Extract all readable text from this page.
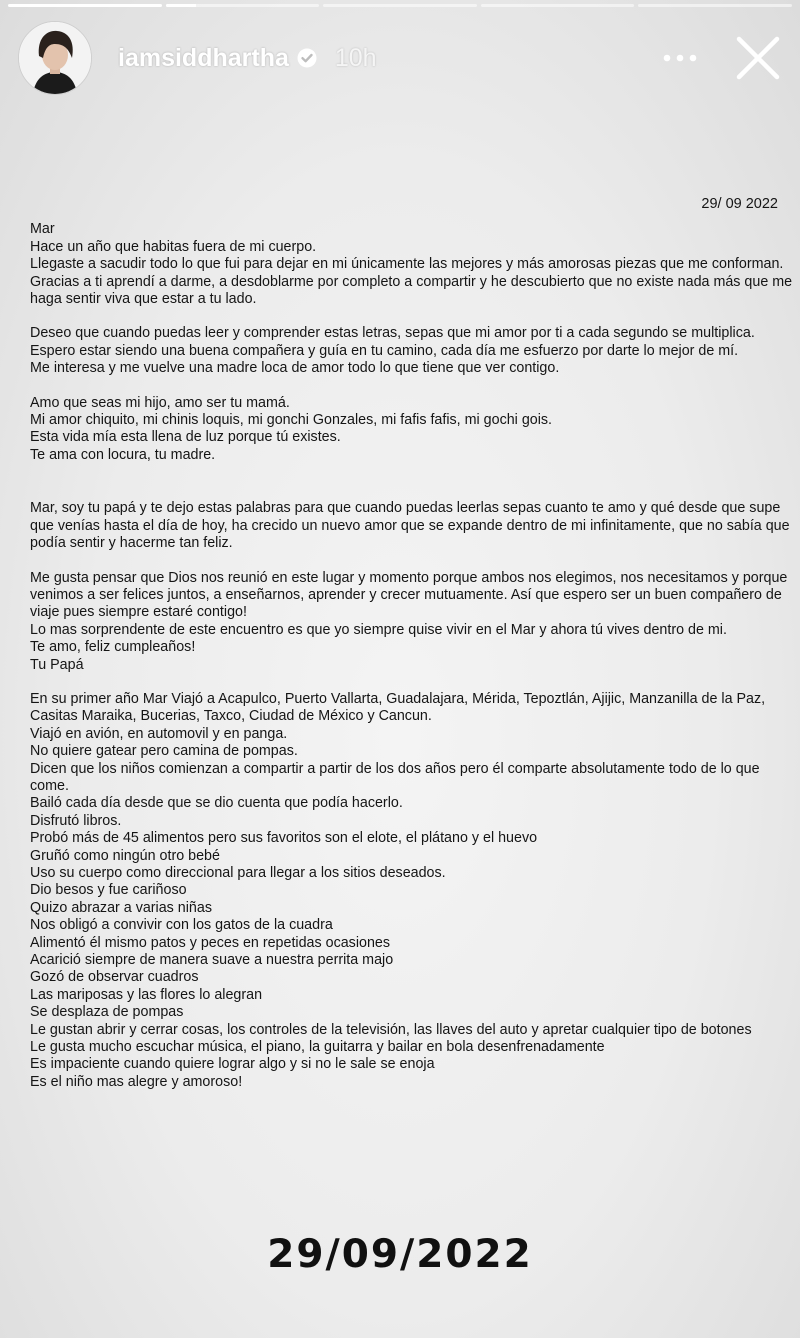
iamsiddhartha 10h
29/ 09 2022

Mar

Hace un año que habitas fuera de mi cuerpo.

Llegaste a sacudir todo lo que fui para dejar en mi únicamente las mejores y más amorosas piezas que me conforman. Gracias a ti aprendí a darme, a desdoblarme por completo a compartir y he descubierto que no existe nada más que me haga sentir viva que estar a tu lado.

Deseo que cuando puedas leer y comprender estas letras, sepas que mi amor por ti a cada segundo se multiplica.

Espero estar siendo una buena compañera y guía en tu camino, cada día me esfuerzo por darte lo mejor de mí.

Me interesa y me vuelve una madre loca de amor todo lo que tiene que ver contigo.

Amo que seas mi hijo, amo ser tu mamá.

Mi amor chiquito, mi chinis loquis, mi gonchi Gonzales, mi fafis fafis, mi gochi gois.

Esta vida mía esta llena de luz porque tú existes.

Te ama con locura, tu madre.

Mar, soy tu papá y te dejo estas palabras para que cuando puedas leerlas sepas cuanto te amo y qué desde que supe que venías hasta el día de hoy, ha crecido un nuevo amor que se expande dentro de mi infinitamente, que no sabía que podía sentir y hacerme tan feliz.

Me gusta pensar que Dios nos reunió en este lugar y momento porque ambos nos elegimos, nos necesitamos y porque venimos a ser felices juntos, a enseñarnos, aprender y crecer mutuamente. Así que espero ser un buen compañero de viaje pues siempre estaré contigo!

Lo mas sorprendente de este encuentro es que yo siempre quise vivir en el Mar y ahora tú vives dentro de mi.

Te amo, feliz cumpleaños!

Tu Papá

En su primer año Mar Viajó a Acapulco, Puerto Vallarta, Guadalajara, Mérida, Tepoztlán, Ajijic, Manzanilla de la Paz, Casitas Maraika, Bucerias, Taxco, Ciudad de México y Cancun.

Viajó en avión, en automovil y en panga.

No quiere gatear pero camina de pompas.

Dicen que los niños comienzan a compartir a partir de los dos años pero él comparte absolutamente todo de lo que come.

Bailó cada día desde que se dio cuenta que podía hacerlo.

Disfrutó libros.

Probó más de 45 alimentos pero sus favoritos son el elote, el plátano y el huevo

Gruñó como ningún otro bebé

Uso su cuerpo como direccional para llegar a los sitios deseados.

Dio besos y fue cariñoso

Quizo abrazar a varias niñas

Nos obligó a convivir con los gatos de la cuadra

Alimentó él mismo patos y peces en repetidas ocasiones

Acarició siempre de manera suave a nuestra perrita majo

Gozó de observar cuadros

Las mariposas y las flores lo alegran

Se desplaza de pompas

Le gustan abrir y cerrar cosas, los controles de la televisión, las llaves del auto y apretar cualquier tipo de botones

Le gusta mucho escuchar música, el piano, la guitarra y bailar en bola desenfrenadamente

Es impaciente cuando quiere lograr algo y si no le sale se enoja

Es el niño mas alegre y amoroso!

29/09/2022
